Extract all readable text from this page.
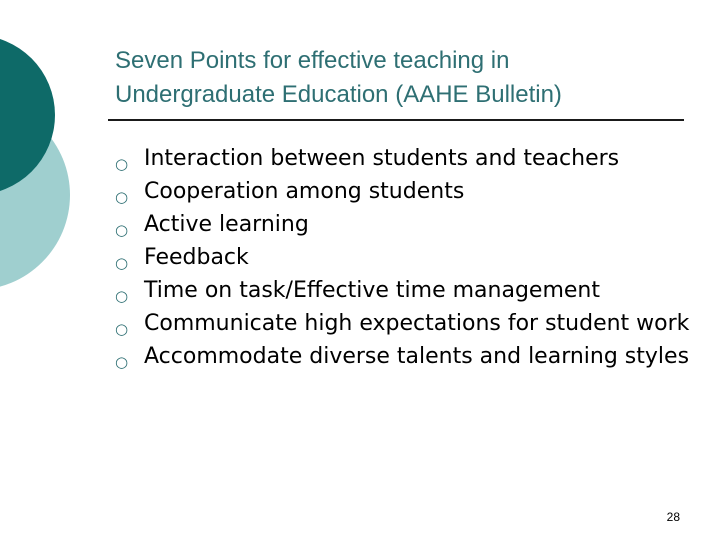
Seven Points for effective teaching in
Undergraduate Education (AAHE Bulletin)
○ Interaction between students and teachers
○ Cooperation among students
○ Active learning
○ Feedback
○ Time on task/Effective time management
○ Communicate high expectations for student work
○ Accommodate diverse talents and learning styles
28
